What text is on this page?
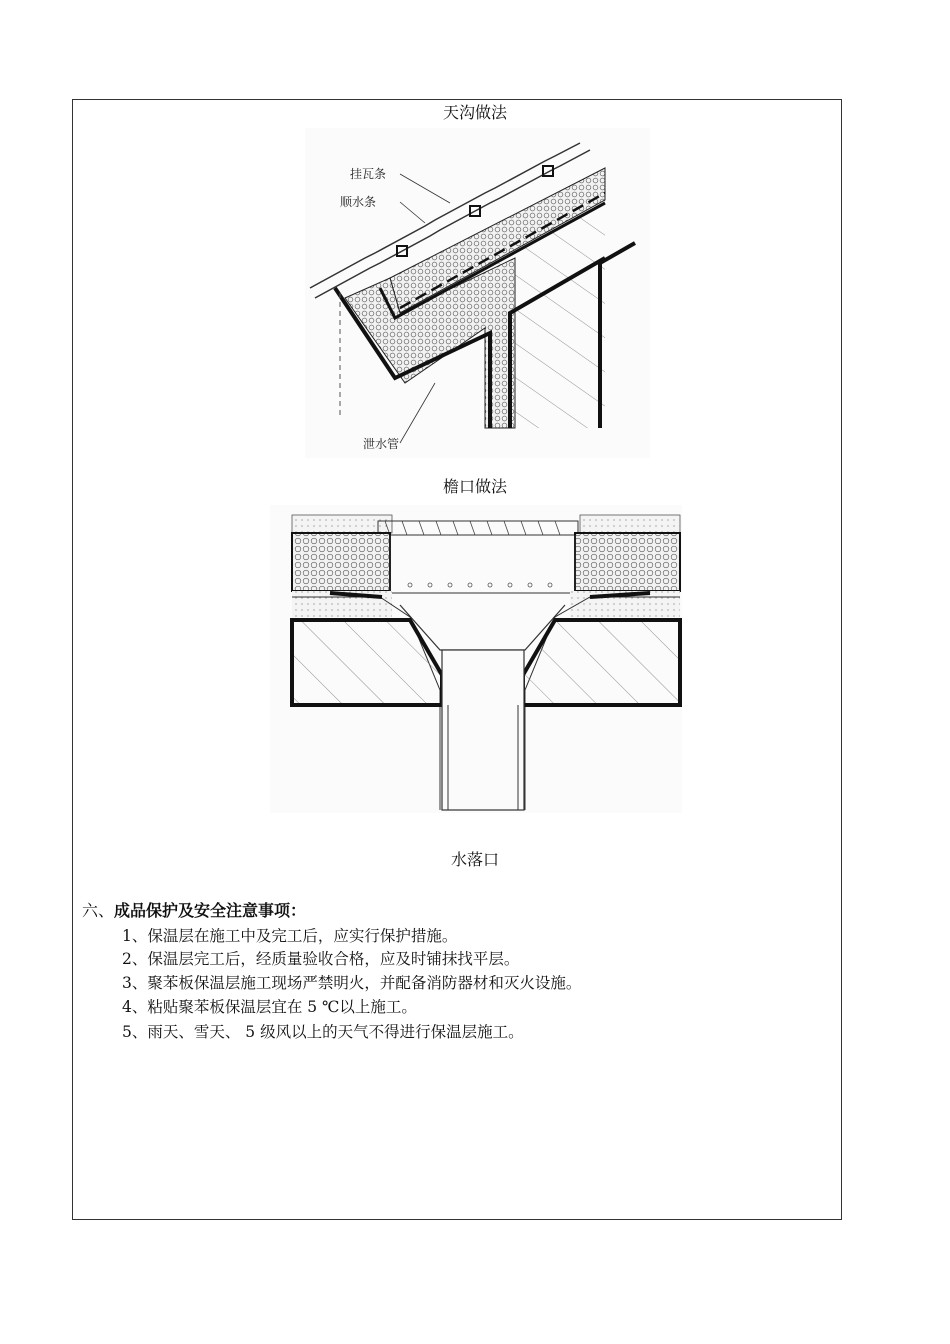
天沟做法
挂瓦条
顺水条
泄水管
檐口做法
水落口
六、成品保护及安全注意事项：
1、保温层在施工中及完工后，应实行保护措施。
2、保温层完工后，经质量验收合格，应及时铺抹找平层。
3、聚苯板保温层施工现场严禁明火，并配备消防器材和灭火设施。
4、粘贴聚苯板保温层宜在 5 ℃以上施工。
5、雨天、雪天、 5 级风以上的天气不得进行保温层施工。
